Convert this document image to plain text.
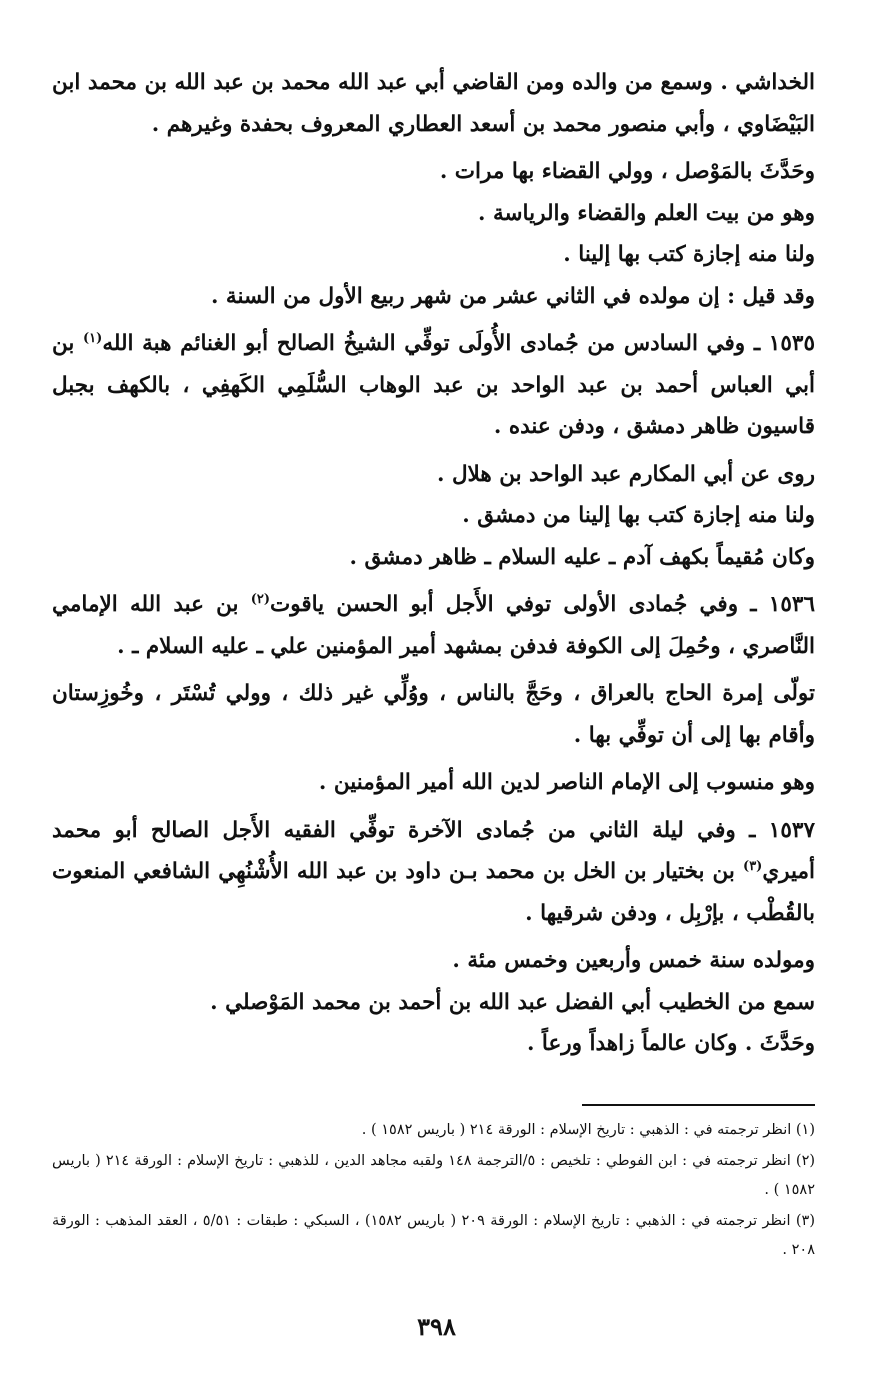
الخداشي . وسمع من والده ومن القاضي أبي عبد الله محمد بن عبد الله بن محمد ابن البَيْضَاوي ، وأبي منصور محمد بن أسعد العطاري المعروف بحفدة وغيرهم .

وحَدَّثَ بالمَوْصل ، وولي القضاء بها مرات .

وهو من بيت العلم والقضاء والرياسة .

ولنا منه إجازة كتب بها إلينا .

وقد قيل : إن مولده في الثاني عشر من شهر ربيع الأول من السنة .

١٥٣٥ ـ وفي السادس من جُمادى الأُولَى توفِّي الشيخُ الصالح أبو الغنائم هبة الله$^{(١)}$ بن أبي العباس أحمد بن عبد الواحد بن عبد الوهاب السُّلَمِي الكَهفِي ، بالكهف بجبل قاسيون ظاهر دمشق ، ودفن عنده .

روى عن أبي المكارم عبد الواحد بن هلال .

ولنا منه إجازة كتب بها إلينا من دمشق .

وكان مُقيماً بكهف آدم ـ عليه السلام ـ ظاهر دمشق .

١٥٣٦ ـ وفي جُمادى الأولى توفي الأَجل أبو الحسن ياقوت$^{(٢)}$ بن عبد الله الإمامي النَّاصري ، وحُمِلَ إلى الكوفة فدفن بمشهد أمير المؤمنين علي ـ عليه السلام ـ .

تولّى إمرة الحاج بالعراق ، وحَجَّ بالناس ، ووُلِّي غير ذلك ، وولي تُسْتَر ، وخُوزِستان وأقام بها إلى أن توفِّي بها .

وهو منسوب إلى الإمام الناصر لدين الله أمير المؤمنين .

١٥٣٧ ـ وفي ليلة الثاني من جُمادى الآخرة توفِّي الفقيه الأَجل الصالح أبو محمد أميري$^{(٣)}$ بن بختيار بن الخل بن محمد بـن داود بن عبد الله الأُشْنُهِي الشافعي المنعوت بالقُطْب ، بإرْبِل ، ودفن شرقيها .

ومولده سنة خمس وأربعين وخمس مئة .

سمع من الخطيب أبي الفضل عبد الله بن أحمد بن محمد المَوْصلي .

وحَدَّثَ . وكان عالماً زاهداً ورعاً .

(١) انظر ترجمته في : الذهبي : تاريخ الإسلام : الورقة ٢١٤ ( باريس ١٥٨٢ ) .

(٢) انظر ترجمته في : ابن الفوطي : تلخيص : ٥/الترجمة ١٤٨ ولقبه مجاهد الدين ، للذهبي : تاريخ الإسلام : الورقة ٢١٤ ( باريس ١٥٨٢ ) .

(٣) انظر ترجمته في : الذهبي : تاريخ الإسلام : الورقة ٢٠٩ ( باريس ١٥٨٢) ، السبكي : طبقات : ٥/٥١ ، العقد المذهب : الورقة ٢٠٨ .

٣٩٨
